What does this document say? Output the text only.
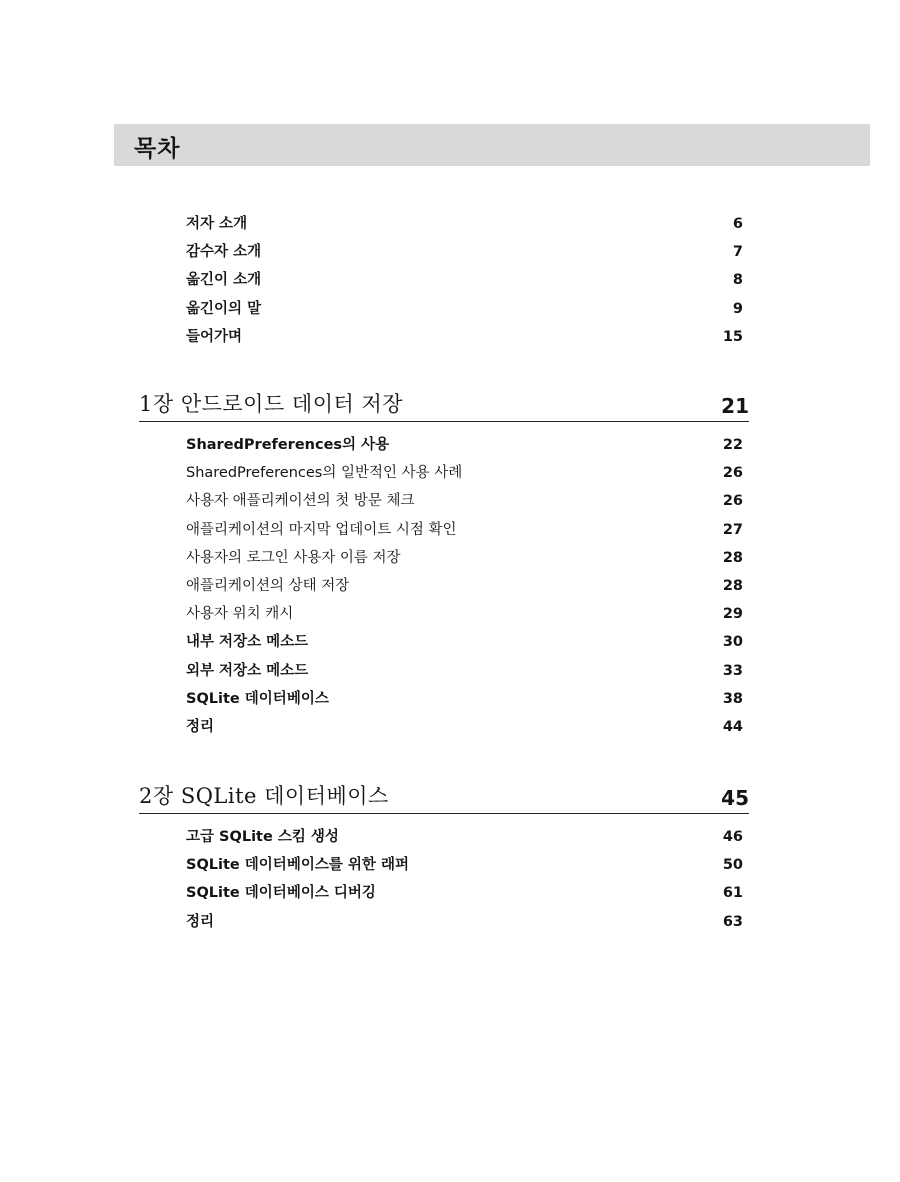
목차
저자 소개	6
감수자 소개	7
옮긴이 소개	8
옮긴이의 말	9
들어가며	15
1장 안드로이드 데이터 저장	21
SharedPreferences의 사용	22
SharedPreferences의 일반적인 사용 사례	26
사용자 애플리케이션의 첫 방문 체크	26
애플리케이션의 마지막 업데이트 시점 확인	27
사용자의 로그인 사용자 이름 저장	28
애플리케이션의 상태 저장	28
사용자 위치 캐시	29
내부 저장소 메소드	30
외부 저장소 메소드	33
SQLite 데이터베이스	38
정리	44
2장 SQLite 데이터베이스	45
고급 SQLite 스킴 생성	46
SQLite 데이터베이스를 위한 래퍼	50
SQLite 데이터베이스 디버깅	61
정리	63
